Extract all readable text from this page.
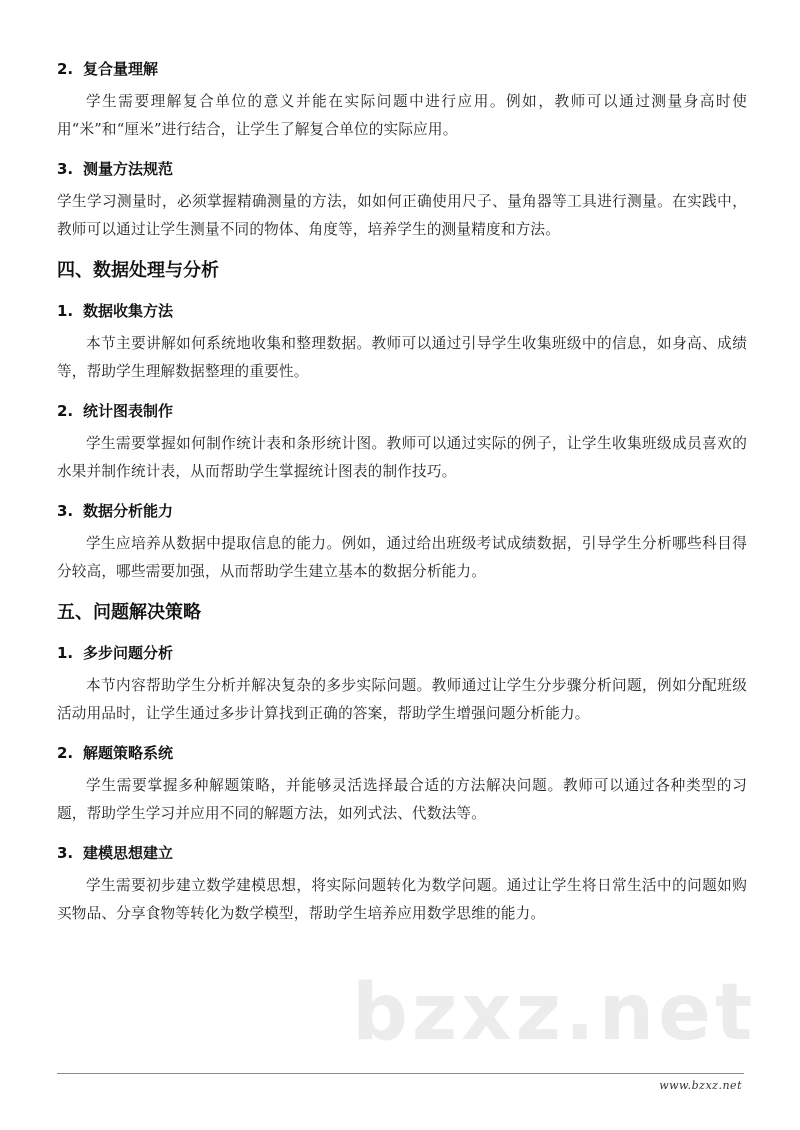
2. 复合量理解

学生需要理解复合单位的意义并能在实际问题中进行应用。例如，教师可以通过测量身高时使用“米”和“厘米”进行结合，让学生了解复合单位的实际应用。

3. 测量方法规范

学生学习测量时，必须掌握精确测量的方法，如如何正确使用尺子、量角器等工具进行测量。在实践中，教师可以通过让学生测量不同的物体、角度等，培养学生的测量精度和方法。

四、数据处理与分析
1. 数据收集方法

本节主要讲解如何系统地收集和整理数据。教师可以通过引导学生收集班级中的信息，如身高、成绩等，帮助学生理解数据整理的重要性。

2. 统计图表制作

学生需要掌握如何制作统计表和条形统计图。教师可以通过实际的例子，让学生收集班级成员喜欢的水果并制作统计表，从而帮助学生掌握统计图表的制作技巧。

3. 数据分析能力

学生应培养从数据中提取信息的能力。例如，通过给出班级考试成绩数据，引导学生分析哪些科目得分较高，哪些需要加强，从而帮助学生建立基本的数据分析能力。

五、问题解决策略
1. 多步问题分析

本节内容帮助学生分析并解决复杂的多步实际问题。教师通过让学生分步骤分析问题，例如分配班级活动用品时，让学生通过多步计算找到正确的答案，帮助学生增强问题分析能力。

2. 解题策略系统

学生需要掌握多种解题策略，并能够灵活选择最合适的方法解决问题。教师可以通过各种类型的习题，帮助学生学习并应用不同的解题方法，如列式法、代数法等。

3. 建模思想建立

学生需要初步建立数学建模思想，将实际问题转化为数学问题。通过让学生将日常生活中的问题如购买物品、分享食物等转化为数学模型，帮助学生培养应用数学思维的能力。

bzxz.net
www.bzxz.net
